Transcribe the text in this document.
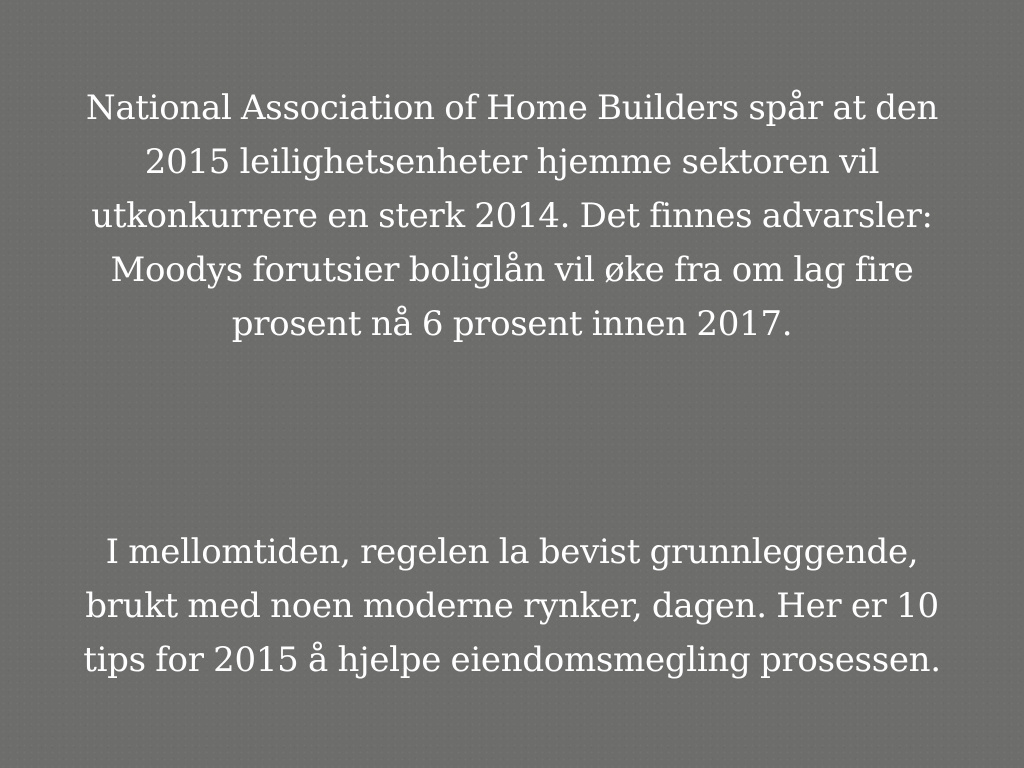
National Association of Home Builders spår at den
2015 leilighetsenheter hjemme sektoren vil
utkonkurrere en sterk 2014. Det finnes advarsler:
Moodys forutsier boliglån vil øke fra om lag fire
prosent nå 6 prosent innen 2017.

I mellomtiden, regelen la bevist grunnleggende,
brukt med noen moderne rynker, dagen. Her er 10
tips for 2015 å hjelpe eiendomsmegling prosessen.
